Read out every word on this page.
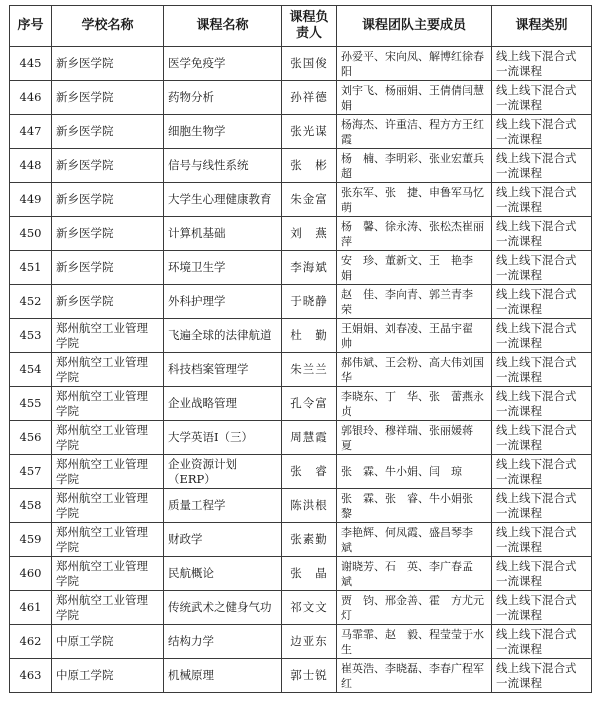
序号	学校名称	课程名称	课程负责人	课程团队主要成员	课程类别
445	新乡医学院	医学免疫学	张国俊	孙爱平、宋向凤、解博红徐春阳	线上线下混合式一流课程
446	新乡医学院	药物分析	孙祥德	刘宇飞、杨丽娟、王倩倩闫慧娟	线上线下混合式一流课程
447	新乡医学院	细胞生物学	张光谋	杨海杰、许重洁、程方方王红霞	线上线下混合式一流课程
448	新乡医学院	信号与线性系统	张　彬	杨　楠、李明彩、张业宏董兵超	线上线下混合式一流课程
449	新乡医学院	大学生心理健康教育	朱金富	张东军、张　捷、申鲁军马忆萌	线上线下混合式一流课程
450	新乡医学院	计算机基础	刘　燕	杨　馨、徐永涛、张松杰崔丽萍	线上线下混合式一流课程
451	新乡医学院	环境卫生学	李海斌	安　珍、董新文、王　艳李　娟	线上线下混合式一流课程
452	新乡医学院	外科护理学	于晓静	赵　佳、李向青、郭兰青李　荣	线上线下混合式一流课程
453	郑州航空工业管理学院	飞遍全球的法律航道	杜　勤	王娟娟、刘春凌、王晶宇翟　帅	线上线下混合式一流课程
454	郑州航空工业管理学院	科技档案管理学	朱兰兰	郝伟斌、王会粉、高大伟刘国华	线上线下混合式一流课程
455	郑州航空工业管理学院	企业战略管理	孔令富	李晓东、丁　华、张　蕾燕永贞	线上线下混合式一流课程
456	郑州航空工业管理学院	大学英语Ⅰ（三）	周慧霞	郭银玲、穆祥瑞、张丽媛蒋　夏	线上线下混合式一流课程
457	郑州航空工业管理学院	企业资源计划（ERP）	张　睿	张　霖、牛小娟、闫　琼	线上线下混合式一流课程
458	郑州航空工业管理学院	质量工程学	陈洪根	张　霖、张　睿、牛小娟张　黎	线上线下混合式一流课程
459	郑州航空工业管理学院	财政学	张素勤	李艳辉、何凤霞、盛昌琴李　斌	线上线下混合式一流课程
460	郑州航空工业管理学院	民航概论	张　晶	谢晓芳、石　英、李广春孟　斌	线上线下混合式一流课程
461	郑州航空工业管理学院	传统武术之健身气功	祁文文	贾　钧、邢金善、霍　方尤元灯	线上线下混合式一流课程
462	中原工学院	结构力学	边亚东	马霏霏、赵　毅、程莹莹于水生	线上线下混合式一流课程
463	中原工学院	机械原理	郭士锐	崔英浩、李晓磊、李春广程军红	线上线下混合式一流课程
